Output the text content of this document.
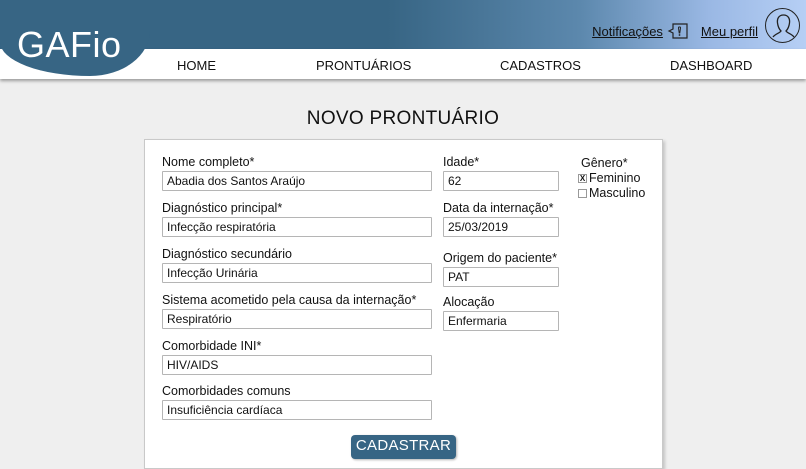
GAFio	Notificações	Meu perfil
HOME	PRONTUÁRIOS	CADASTROS	DASHBOARD
NOVO PRONTUÁRIO
Nome completo*
Abadia dos Santos Araújo
Diagnóstico principal*
Infecção respiratória
Diagnóstico secundário
Infecção Urinária
Sistema acometido pela causa da internação*
Respiratório
Comorbidade INI*
HIV/AIDS
Comorbidades comuns
Insuficiência cardíaca
Idade*
62
Data da internação*
25/03/2019
Origem do paciente*
PAT
Alocação
Enfermaria
Gênero*
X Feminino
Masculino
CADASTRAR
